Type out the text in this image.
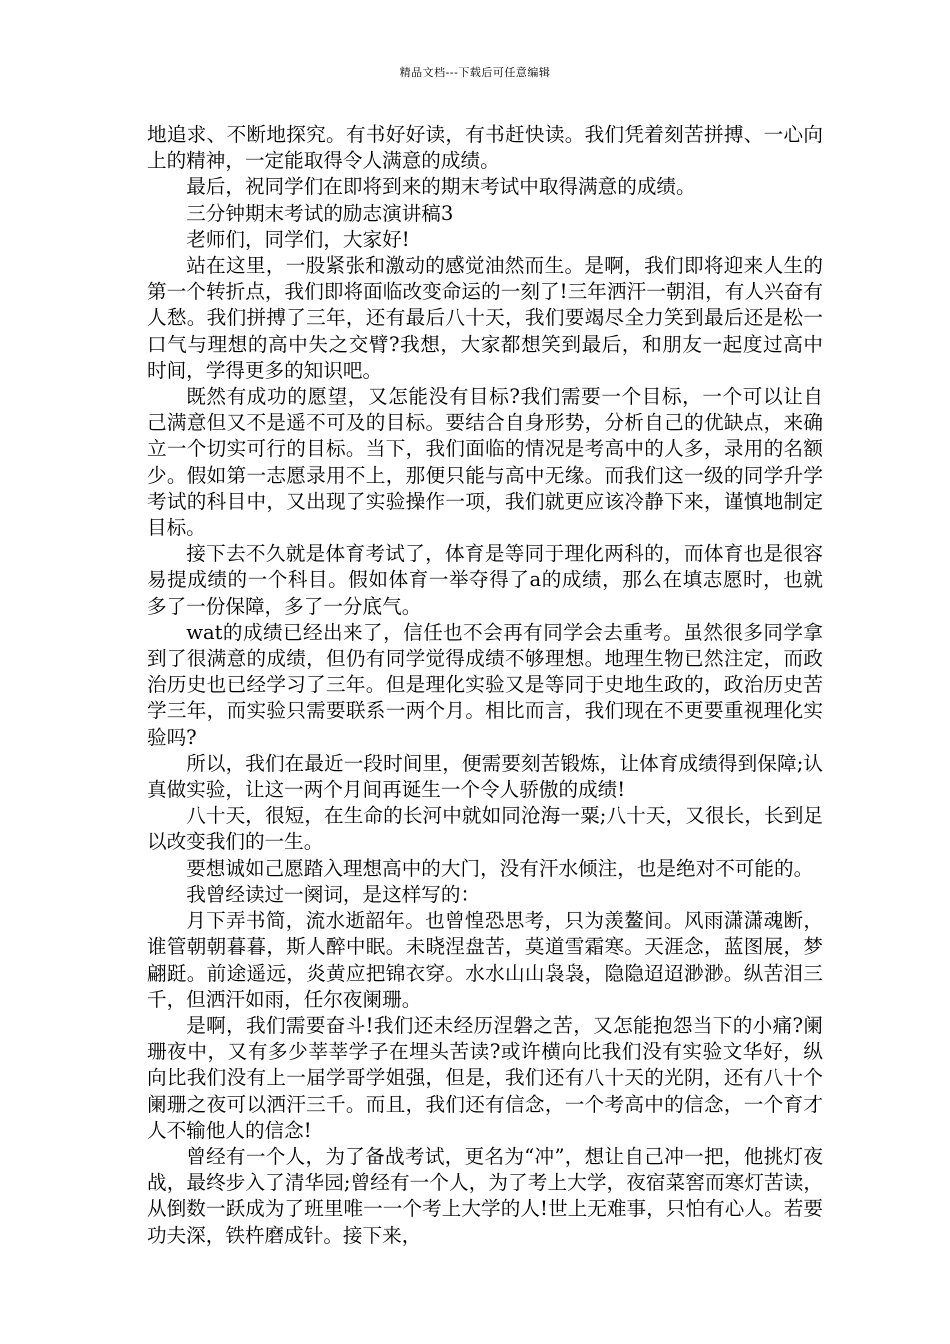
精品文档---下载后可任意编辑

地追求、不断地探究。有书好好读，有书赶快读。我们凭着刻苦拼搏、一心向上的精神，一定能取得令人满意的成绩。

最后，祝同学们在即将到来的期末考试中取得满意的成绩。

三分钟期末考试的励志演讲稿3

老师们，同学们，大家好!

站在这里，一股紧张和激动的感觉油然而生。是啊，我们即将迎来人生的第一个转折点，我们即将面临改变命运的一刻了!三年洒汗一朝泪，有人兴奋有人愁。我们拼搏了三年，还有最后八十天，我们要竭尽全力笑到最后还是松一口气与理想的高中失之交臂?我想，大家都想笑到最后，和朋友一起度过高中时间，学得更多的知识吧。

既然有成功的愿望，又怎能没有目标?我们需要一个目标，一个可以让自己满意但又不是遥不可及的目标。要结合自身形势，分析自己的优缺点，来确立一个切实可行的目标。当下，我们面临的情况是考高中的人多，录用的名额少。假如第一志愿录用不上，那便只能与高中无缘。而我们这一级的同学升学考试的科目中，又出现了实验操作一项，我们就更应该冷静下来，谨慎地制定目标。

接下去不久就是体育考试了，体育是等同于理化两科的，而体育也是很容易提成绩的一个科目。假如体育一举夺得了a的成绩，那么在填志愿时，也就多了一份保障，多了一分底气。

wat的成绩已经出来了，信任也不会再有同学会去重考。虽然很多同学拿到了很满意的成绩，但仍有同学觉得成绩不够理想。地理生物已然注定，而政治历史也已经学习了三年。但是理化实验又是等同于史地生政的，政治历史苦学三年，而实验只需要联系一两个月。相比而言，我们现在不更要重视理化实验吗?

所以，我们在最近一段时间里，便需要刻苦锻炼，让体育成绩得到保障;认真做实验，让这一两个月间再诞生一个令人骄傲的成绩!

八十天，很短，在生命的长河中就如同沧海一粟;八十天，又很长，长到足以改变我们的一生。

要想诚如己愿踏入理想高中的大门，没有汗水倾注，也是绝对不可能的。

我曾经读过一阕词，是这样写的：

月下弄书简，流水逝韶年。也曾惶恐思考，只为羡鳌间。风雨潇潇魂断，谁管朝朝暮暮，斯人醉中眠。未晓涅盘苦，莫道雪霜寒。天涯念，蓝图展，梦翩跹。前途遥远，炎黄应把锦衣穿。水水山山袅袅，隐隐迢迢渺渺。纵苦泪三千，但洒汗如雨，任尔夜阑珊。

是啊，我们需要奋斗!我们还未经历涅磐之苦，又怎能抱怨当下的小痛?阑珊夜中，又有多少莘莘学子在埋头苦读?或许横向比我们没有实验文华好，纵向比我们没有上一届学哥学姐强，但是，我们还有八十天的光阴，还有八十个阑珊之夜可以洒汗三千。而且，我们还有信念，一个考高中的信念，一个育才人不输他人的信念!

曾经有一个人，为了备战考试，更名为“冲”，想让自己冲一把，他挑灯夜战，最终步入了清华园;曾经有一个人，为了考上大学，夜宿菜窖而寒灯苦读，从倒数一跃成为了班里唯一一个考上大学的人!世上无难事，只怕有心人。若要功夫深，铁杵磨成针。接下来，
